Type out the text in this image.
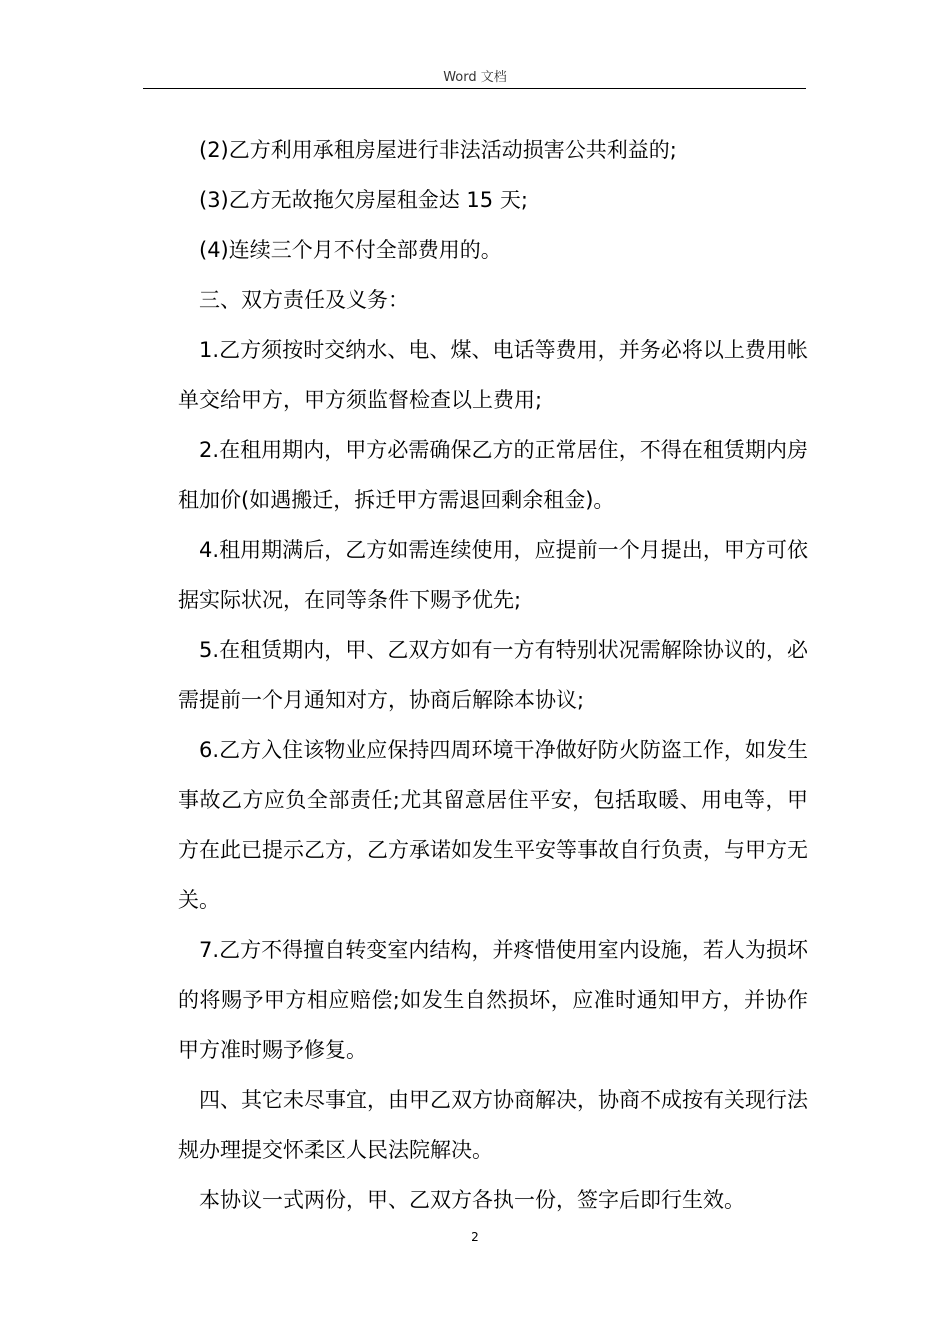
Word 文档

(2)乙方利用承租房屋进行非法活动损害公共利益的;

(3)乙方无故拖欠房屋租金达 15 天;

(4)连续三个月不付全部费用的。

三、双方责任及义务：

1.乙方须按时交纳水、电、煤、电话等费用，并务必将以上费用帐单交给甲方，甲方须监督检查以上费用;

2.在租用期内，甲方必需确保乙方的正常居住，不得在租赁期内房租加价(如遇搬迁，拆迁甲方需退回剩余租金)。

4.租用期满后，乙方如需连续使用，应提前一个月提出，甲方可依据实际状况，在同等条件下赐予优先;

5.在租赁期内，甲、乙双方如有一方有特别状况需解除协议的，必需提前一个月通知对方，协商后解除本协议;

6.乙方入住该物业应保持四周环境干净做好防火防盗工作，如发生事故乙方应负全部责任;尤其留意居住平安，包括取暖、用电等，甲方在此已提示乙方，乙方承诺如发生平安等事故自行负责，与甲方无关。

7.乙方不得擅自转变室内结构，并疼惜使用室内设施，若人为损坏的将赐予甲方相应赔偿;如发生自然损坏，应准时通知甲方，并协作甲方准时赐予修复。

四、其它未尽事宜，由甲乙双方协商解决，协商不成按有关现行法规办理提交怀柔区人民法院解决。

本协议一式两份，甲、乙双方各执一份，签字后即行生效。

2
